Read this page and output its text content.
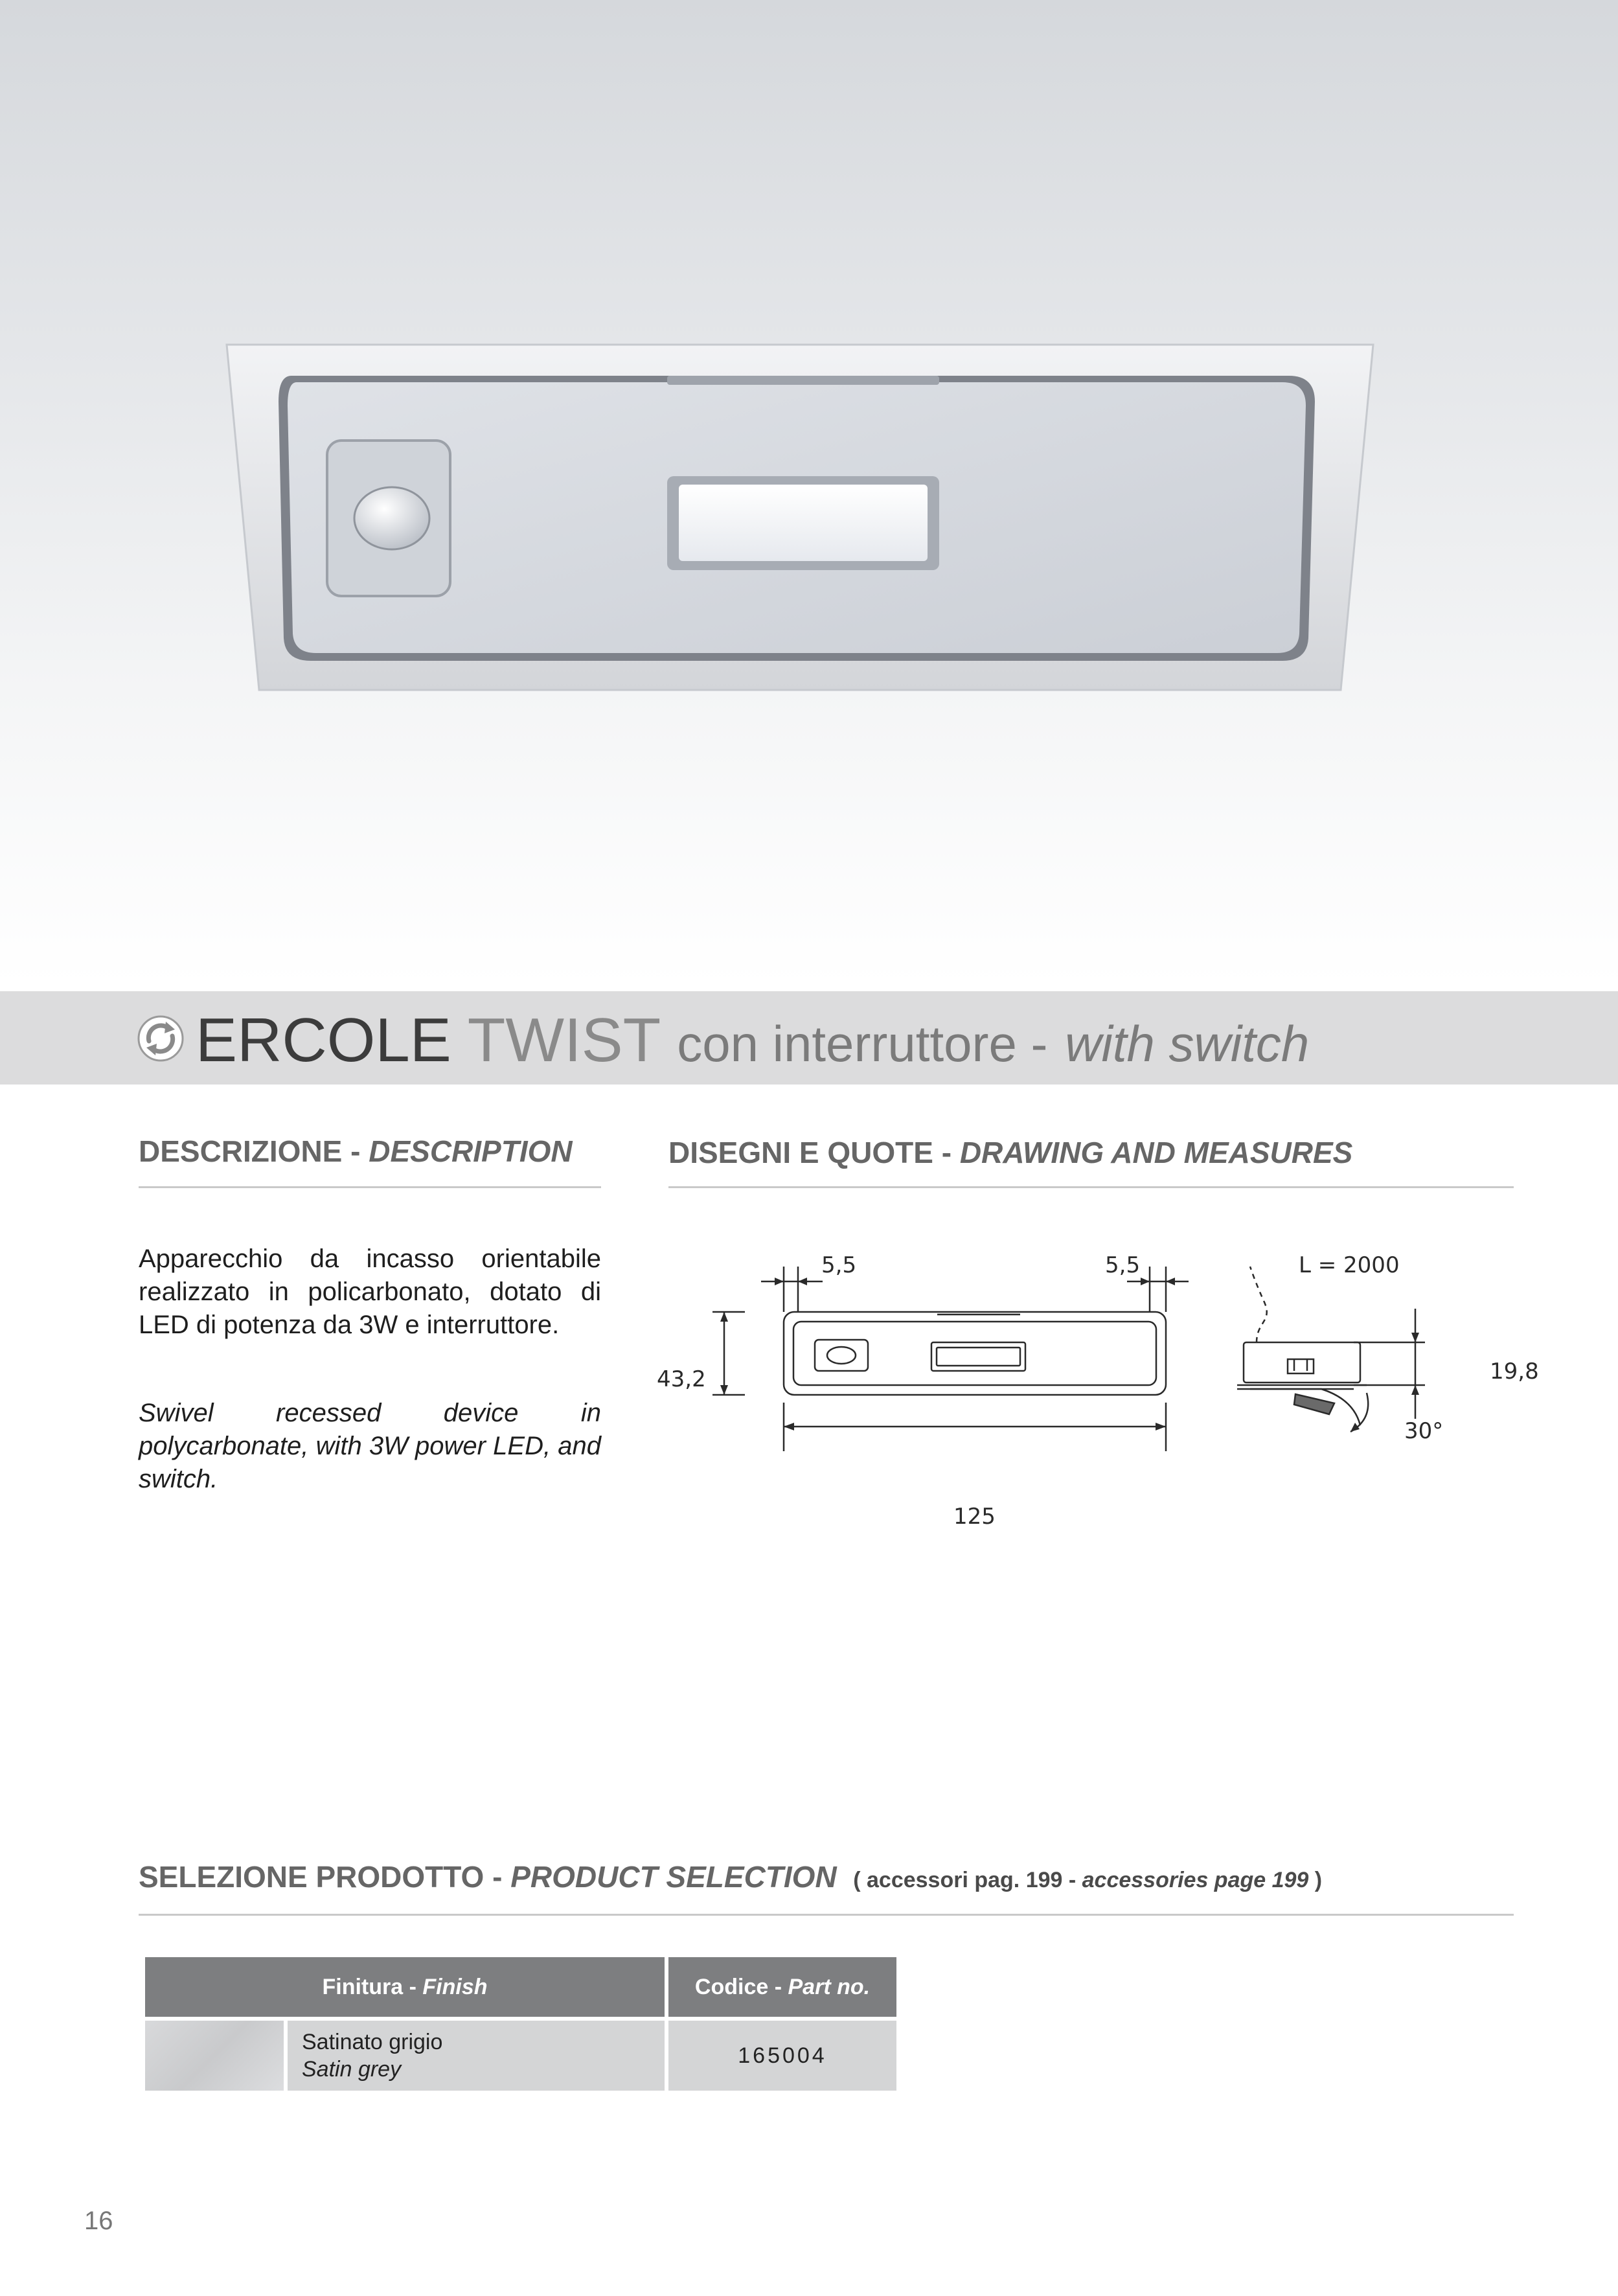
ERCOLE TWIST con interruttore - with switch
DESCRIZIONE - DESCRIPTION
Apparecchio da incasso orientabile realizzato in policarbonato, dotato di LED di potenza da 3W e interruttore.
Swivel recessed device in polycarbonate, with 3W power LED, and switch.
DISEGNI E QUOTE - DRAWING AND MEASURES
5,5	5,5
43,2
125
L = 2000
19,8
30°
SELEZIONE PRODOTTO - PRODUCT SELECTION ( accessori pag. 199 - accessories page 199 )
Finitura - Finish		Codice - Part no.

	Satinato grigio
Satin grey	165004
16
